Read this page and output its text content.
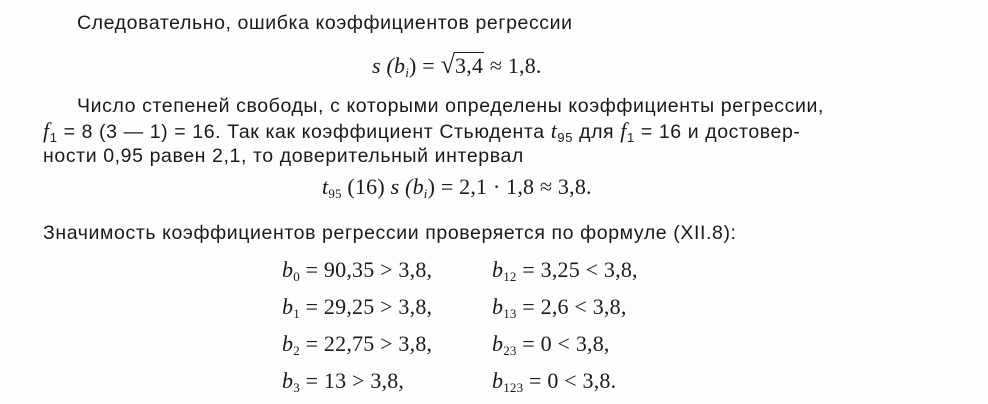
Следовательно, ошибка коэффициентов регрессии
s $(b_i) = √3,4 \approx 1,8$.
Число степеней свободы, с которыми определены коэффициенты регрессии,
$f_1 = 8$ (3 — 1) = 16. Так как коэффициент Стьюдента $t_{95}$ для $f_1 = 16$ и достовер-
ности 0,95 равен 2,1, то доверительный интервал
$t_{95}$ (16) s $(b_i) = 2,1 \cdot 1,8 \approx 3,8$.
Значимость коэффициентов регрессии проверяется по формуле (XII.8):
$b_0 = 90,35 > 3,8$,	$b_{12} = 3,25 < 3,8$,
$b_1 = 29,25 > 3,8$,	$b_{13} = 2,6 < 3,8$,
$b_2 = 22,75 > 3,8$,	$b_{23} = 0 < 3,8$,
$b_3 = 13 > 3,8$,	$b_{123} = 0 < 3,8$.
